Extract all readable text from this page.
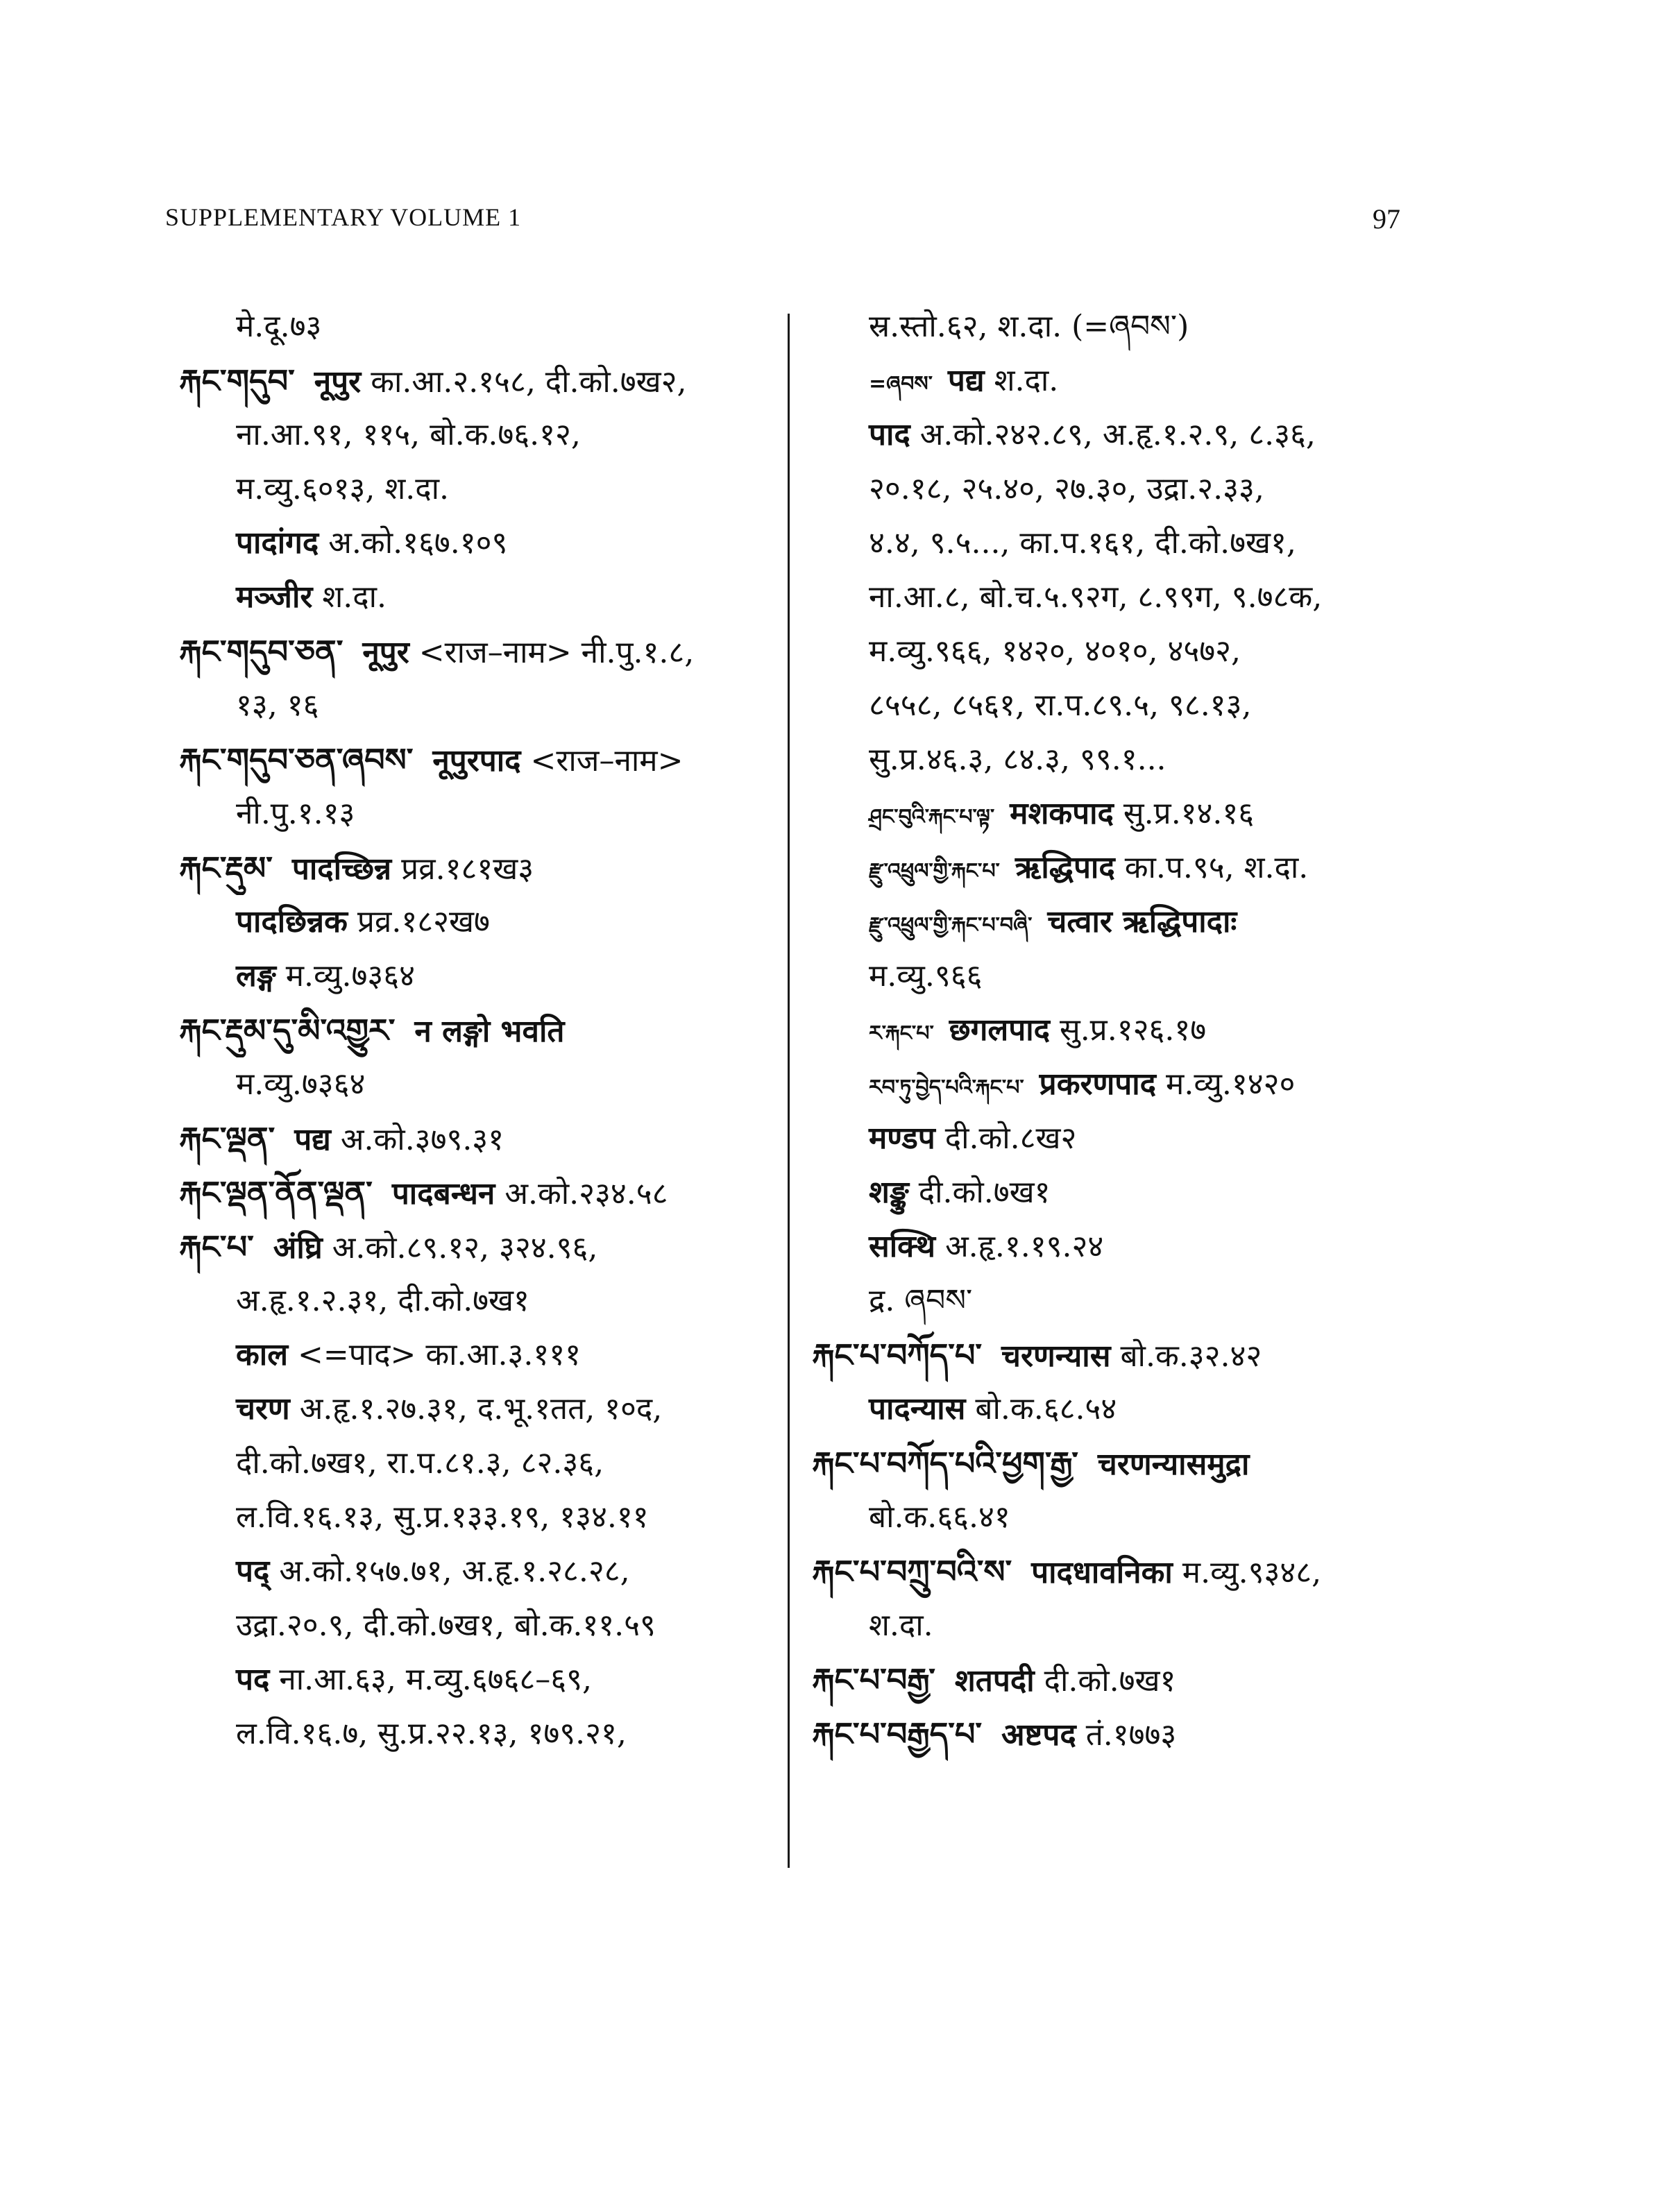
SUPPLEMENTARY VOLUME 1	97
मे.दू.७३
རྐང་གདུབ་ नूपुर का.आ.२.१५८, दी.को.७ख२,
ना.आ.९१, ११५, बो.क.७६.१२,
म.व्यु.६०१३, श.दा.
पादांगद अ.को.१६७.१०९
मञ्जीर श.दा.
རྐང་གདུབ་ཅན་ नूपुर <राज–नाम> नी.पु.१.८,
१३, १६
རྐང་གདུབ་ཅན་ཞབས་ नूपुरपाद <राज–नाम>
नी.पु.१.१३
རྐང་རྡུམ་ पादच्छिन्न प्रव्र.१८१ख३
पादछिन्नक प्रव्र.१८२ख७
लङ्ग म.व्यु.७३६४
རྐང་རྡུམ་དུ་མི་འགྱུར་ न लङ्गो भवति
म.व्यु.७३६४
རྐང་ལྡན་ पद्य अ.को.३७९.३१
རྐང་ལྡན་ནོན་ལྡན་ पादबन्धन अ.को.२३४.५८
རྐང་པ་ अंघ्रि अ.को.८९.१२, ३२४.९६,
अ.हृ.१.२.३१, दी.को.७ख१
काल <=पाद> का.आ.३.१११
चरण अ.हृ.१.२७.३१, द.भू.१तत, १०द,
दी.को.७ख१, रा.प.८१.३, ८२.३६,
ल.वि.१६.१३, सु.प्र.१३३.१९, १३४.११
पद् अ.को.१५७.७१, अ.हृ.१.२८.२८,
उद्रा.२०.९, दी.को.७ख१, बो.क.११.५९
पद ना.आ.६३, म.व्यु.६७६८–६९,
ल.वि.१६.७, सु.प्र.२२.१३, १७९.२१,
स्र.स्तो.६२, श.दा. (=ཞབས་)
=ཞབས་ पद्य श.दा.
पाद अ.को.२४२.८९, अ.हृ.१.२.९, ८.३६,
२०.१८, २५.४०, २७.३०, उद्रा.२.३३,
४.४, ९.५..., का.प.१६१, दी.को.७ख१,
ना.आ.८, बो.च.५.९२ग, ८.९९ग, ९.७८क,
म.व्यु.९६६, १४२०, ४०१०, ४५७२,
८५५८, ८५६१, रा.प.८९.५, ९८.१३,
सु.प्र.४६.३, ८४.३, ९९.१...
ཤྲང་བུའི་རྐང་པ་ལྟ་ मशकपाद सु.प्र.१४.१६
རྫུ་འཕྲུལ་གྱི་རྐང་པ་ ऋद्धिपाद का.प.९५, श.दा.
རྫུ་འཕྲུལ་གྱི་རྐང་པ་བཞི་ चत्वार ऋद्धिपादाः
म.व्यु.९६६
ར་རྐང་པ་ छगलपाद सु.प्र.१२६.१७
རབ་ཏུ་བྱེད་པའི་རྐང་པ་ प्रकरणपाद म.व्यु.१४२०
मण्डप दी.को.८ख२
शङ्कु दी.को.७ख१
सक्थि अ.हृ.१.१९.२४
द्र. ཞབས་
རྐང་པ་བཀོད་པ་ चरणन्यास बो.क.३२.४२
पादन्यास बो.क.६८.५४
རྐང་པ་བཀོད་པའི་ཕྱག་རྒྱ་ चरणन्यासमुद्रा
बो.क.६६.४१
རྐང་པ་བཀྲུ་བའི་ས་ पादधावनिका म.व्यु.९३४८,
श.दा.
རྐང་པ་བརྒྱ་ शतपदी दी.को.७ख१
རྐང་པ་བརྒྱད་པ་ अष्टपद तं.१७७३
